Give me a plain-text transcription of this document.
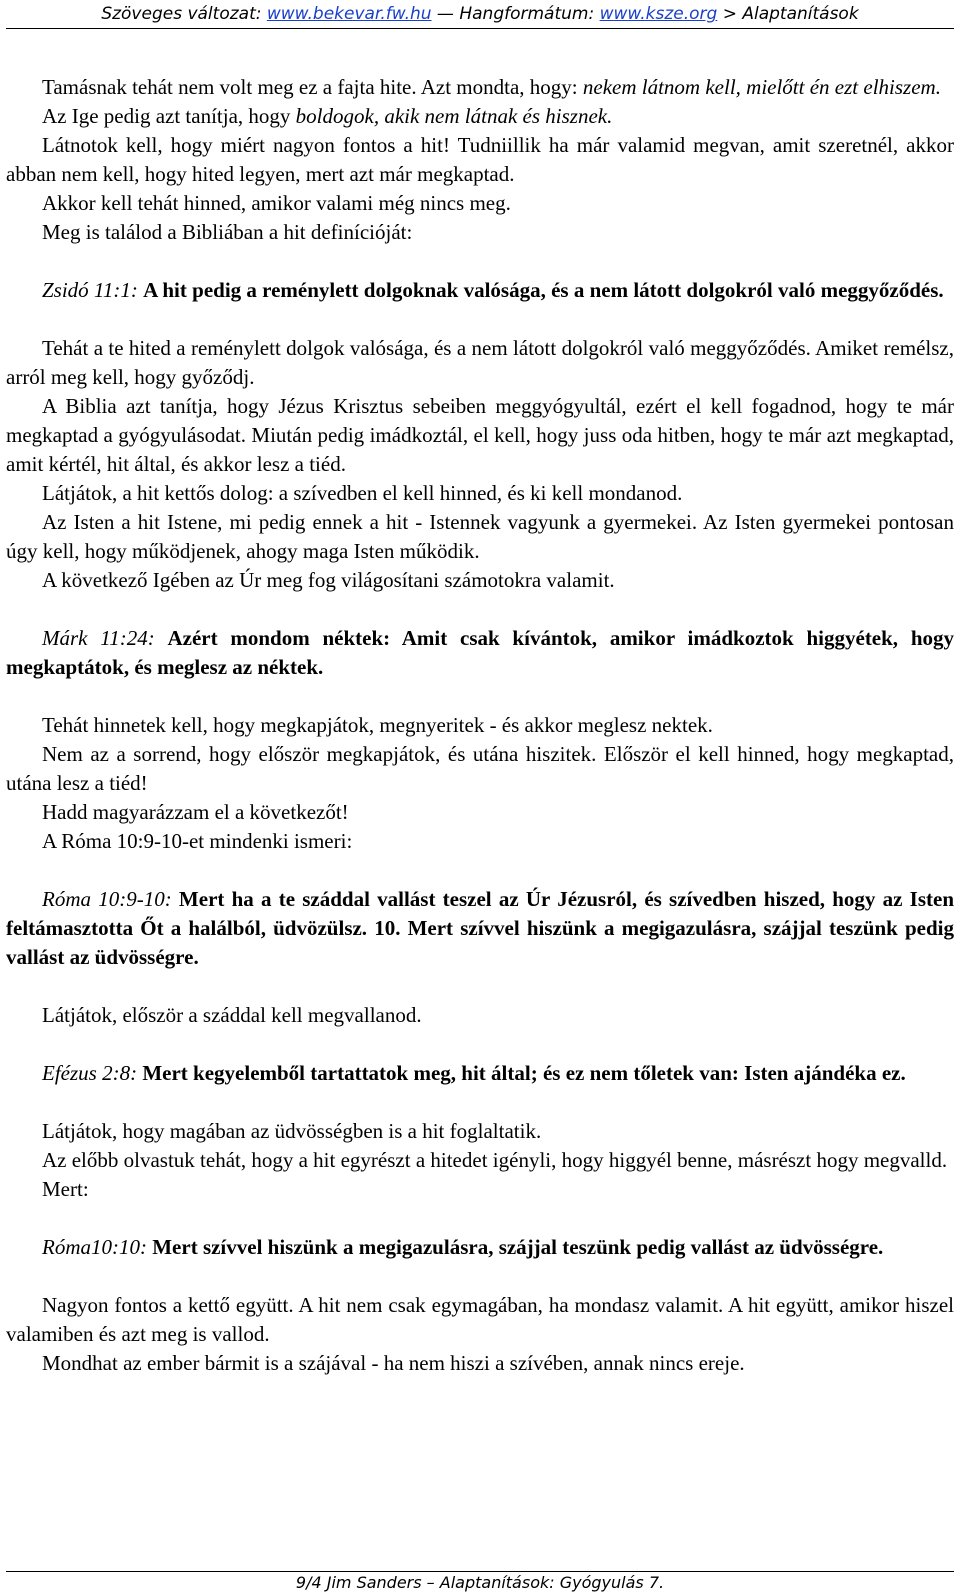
Szöveges változat: www.bekevar.fw.hu — Hangformátum: www.ksze.org > Alaptanítások

Tamásnak tehát nem volt meg ez a fajta hite. Azt mondta, hogy: nekem látnom kell, mielőtt én ezt elhiszem.

Az Ige pedig azt tanítja, hogy boldogok, akik nem látnak és hisznek.

Látnotok kell, hogy miért nagyon fontos a hit! Tudniillik ha már valamid megvan, amit szeretnél, akkor abban nem kell, hogy hited legyen, mert azt már megkaptad.

Akkor kell tehát hinned, amikor valami még nincs meg.

Meg is találod a Bibliában a hit definícióját:

Zsidó 11:1: A hit pedig a reménylett dolgoknak valósága, és a nem látott dolgokról való meggyőződés.

Tehát a te hited a reménylett dolgok valósága, és a nem látott dolgokról való meggyőződés. Amiket remélsz, arról meg kell, hogy győződj.

A Biblia azt tanítja, hogy Jézus Krisztus sebeiben meggyógyultál, ezért el kell fogadnod, hogy te már megkaptad a gyógyulásodat. Miután pedig imádkoztál, el kell, hogy juss oda hitben, hogy te már azt megkaptad, amit kértél, hit által, és akkor lesz a tiéd.

Látjátok, a hit kettős dolog: a szívedben el kell hinned, és ki kell mondanod.

Az Isten a hit Istene, mi pedig ennek a hit - Istennek vagyunk a gyermekei. Az Isten gyermekei pontosan úgy kell, hogy működjenek, ahogy maga Isten működik.

A következő Igében az Úr meg fog világosítani számotokra valamit.

Márk 11:24: Azért mondom néktek: Amit csak kívántok, amikor imádkoztok higgyétek, hogy megkaptátok, és meglesz az néktek.

Tehát hinnetek kell, hogy megkapjátok, megnyeritek - és akkor meglesz nektek.

Nem az a sorrend, hogy először megkapjátok, és utána hiszitek. Először el kell hinned, hogy megkaptad, utána lesz a tiéd!

Hadd magyarázzam el a következőt!

A Róma 10:9-10-et mindenki ismeri:

Róma 10:9-10: Mert ha a te száddal vallást teszel az Úr Jézusról, és szívedben hiszed, hogy az Isten feltámasztotta Őt a halálból, üdvözülsz. 10. Mert szívvel hiszünk a megigazulásra, szájjal teszünk pedig vallást az üdvösségre.

Látjátok, először a száddal kell megvallanod.

Efézus 2:8: Mert kegyelemből tartattatok meg, hit által; és ez nem tőletek van: Isten ajándéka ez.

Látjátok, hogy magában az üdvösségben is a hit foglaltatik.

Az előbb olvastuk tehát, hogy a hit egyrészt a hitedet igényli, hogy higgyél benne, másrészt hogy megvalld.

Mert:

Róma10:10: Mert szívvel hiszünk a megigazulásra, szájjal teszünk pedig vallást az üdvösségre.

Nagyon fontos a kettő együtt. A hit nem csak egymagában, ha mondasz valamit. A hit együtt, amikor hiszel valamiben és azt meg is vallod.

Mondhat az ember bármit is a szájával - ha nem hiszi a szívében, annak nincs ereje.

9/4 Jim Sanders – Alaptanítások: Gyógyulás 7.
